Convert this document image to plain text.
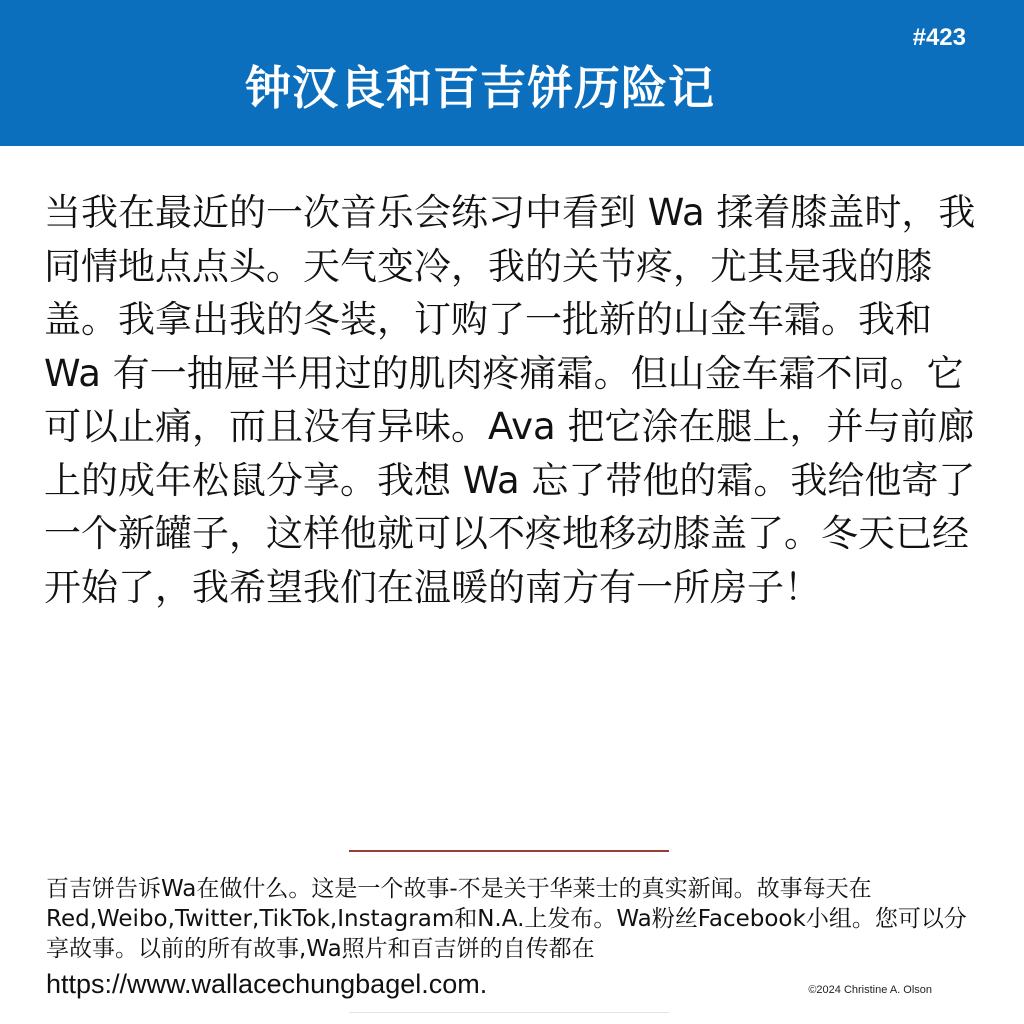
#423
钟汉良和百吉饼历险记

当我在最近的一次音乐会练习中看到 Wa 揉着膝盖时，我同情地点点头。天气变冷，我的关节疼，尤其是我的膝盖。我拿出我的冬装，订购了一批新的山金车霜。我和 Wa 有一抽屉半用过的肌肉疼痛霜。但山金车霜不同。它可以止痛，而且没有异味。Ava 把它涂在腿上，并与前廊上的成年松鼠分享。我想 Wa 忘了带他的霜。我给他寄了一个新罐子，这样他就可以不疼地移动膝盖了。冬天已经开始了，我希望我们在温暖的南方有一所房子！

百吉饼告诉Wa在做什么。这是一个故事-不是关于华莱士的真实新闻。故事每天在Red,Weibo,Twitter,TikTok,Instagram和N.A.上发布。Wa粉丝Facebook小组。您可以分享故事。以前的所有故事,Wa照片和百吉饼的自传都在
https://www.wallacechungbagel.com.	©2024 Christine A. Olson
